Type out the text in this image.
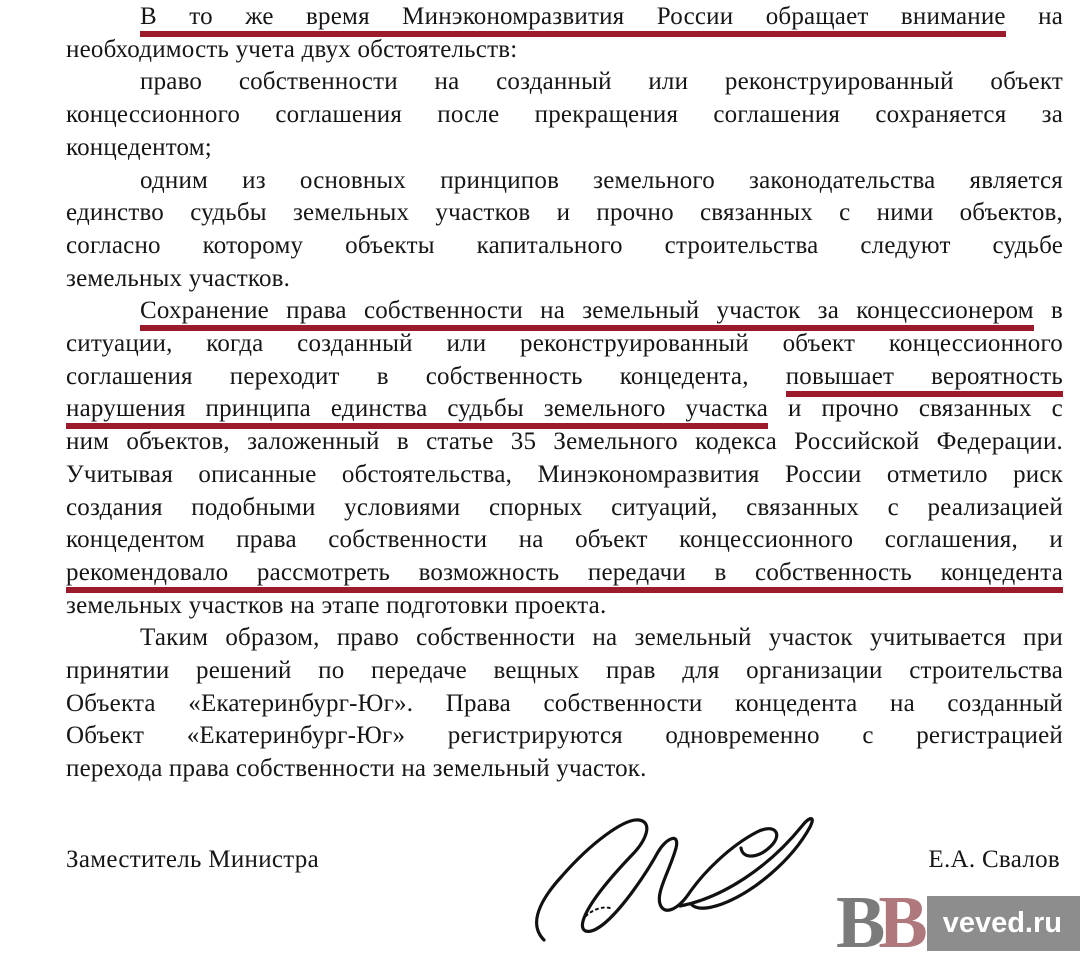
В то же время Минэкономразвития России обращает внимание на
необходимость учета двух обстоятельств:
право собственности на созданный или реконструированный объект
концессионного соглашения после прекращения соглашения сохраняется за
концедентом;
одним из основных принципов земельного законодательства является
единство судьбы земельных участков и прочно связанных с ними объектов,
согласно которому объекты капитального строительства следуют судьбе
земельных участков.
Сохранение права собственности на земельный участок за концессионером в
ситуации, когда созданный или реконструированный объект концессионного
соглашения переходит в собственность концедента, повышает вероятность
нарушения принципа единства судьбы земельного участка и прочно связанных с
ним объектов, заложенный в статье 35 Земельного кодекса Российской Федерации.
Учитывая описанные обстоятельства, Минэкономразвития России отметило риск
создания подобными условиями спорных ситуаций, связанных с реализацией
концедентом права собственности на объект концессионного соглашения, и
рекомендовало рассмотреть возможность передачи в собственность концедента
земельных участков на этапе подготовки проекта.
Таким образом, право собственности на земельный участок учитывается при
принятии решений по передаче вещных прав для организации строительства
Объекта «Екатеринбург-Юг». Права собственности концедента на созданный
Объект «Екатеринбург-Юг» регистрируются одновременно с регистрацией
перехода права собственности на земельный участок.
Заместитель Министра	Е.А. Свалов
B
B veved.ru
